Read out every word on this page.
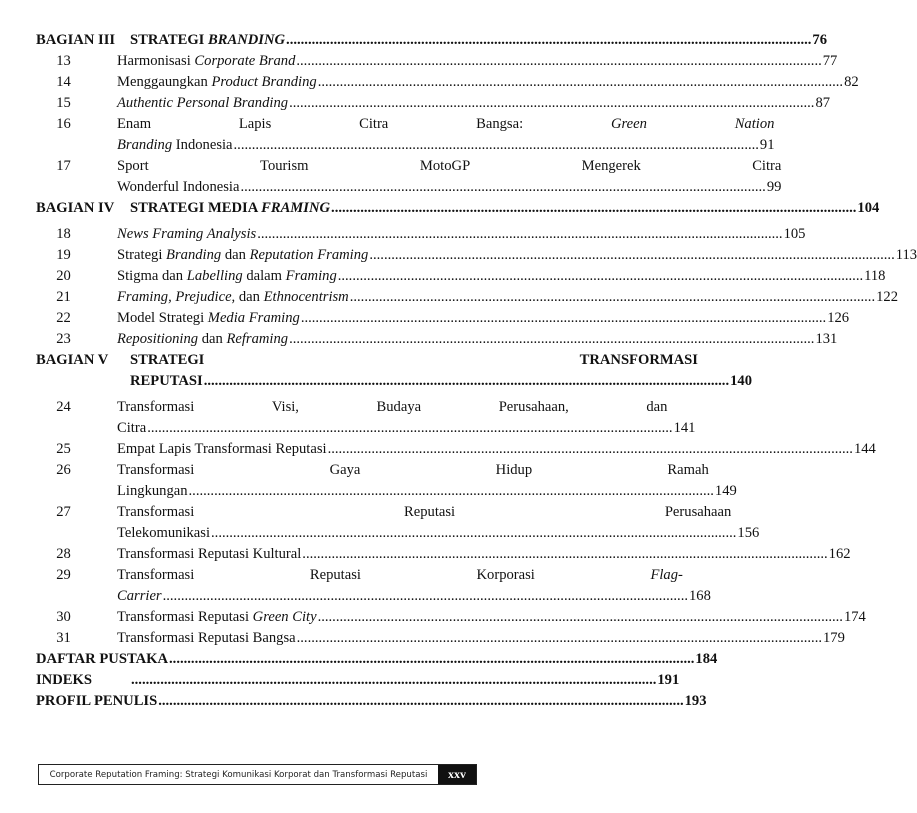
BAGIAN III	STRATEGI BRANDING .....	76
13	Harmonisasi Corporate Brand .....	77
14	Menggaungkan Product Branding .....	82
15	Authentic Personal Branding .....	87
16	Enam	Lapis	Citra	Bangsa:	Green	Nation
Branding Indonesia .....	91
17	Sport	Tourism	MotoGP	Mengerek	Citra
Wonderful Indonesia .....	99
BAGIAN IV	STRATEGI MEDIA FRAMING .....	104
18	News Framing Analysis .....	105
19	Strategi Branding dan Reputation Framing .....	113
20	Stigma dan Labelling dalam Framing .....	118
21	Framing, Prejudice, dan Ethnocentrism .....	122
22	Model Strategi Media Framing .....	126
23	Repositioning dan Reframing .....	131
BAGIAN V	STRATEGI	TRANSFORMASI
REPUTASI .....	140
24	Transformasi	Visi,	Budaya	Perusahaan,	dan
Citra .....	141
25	Empat Lapis Transformasi Reputasi .....	144
26	Transformasi	Gaya	Hidup	Ramah
Lingkungan .....	149
27	Transformasi	Reputasi	Perusahaan
Telekomunikasi .....	156
28	Transformasi Reputasi Kultural .....	162
29	Transformasi	Reputasi	Korporasi	Flag-
Carrier .....	168
30	Transformasi Reputasi Green City .....	174
31	Transformasi Reputasi Bangsa .....	179
DAFTAR PUSTAKA .....	184
INDEKS .....	191
PROFIL PENULIS .....	193
Corporate Reputation Framing: Strategi Komunikasi Korporat dan Transformasi Reputasi	xxv
